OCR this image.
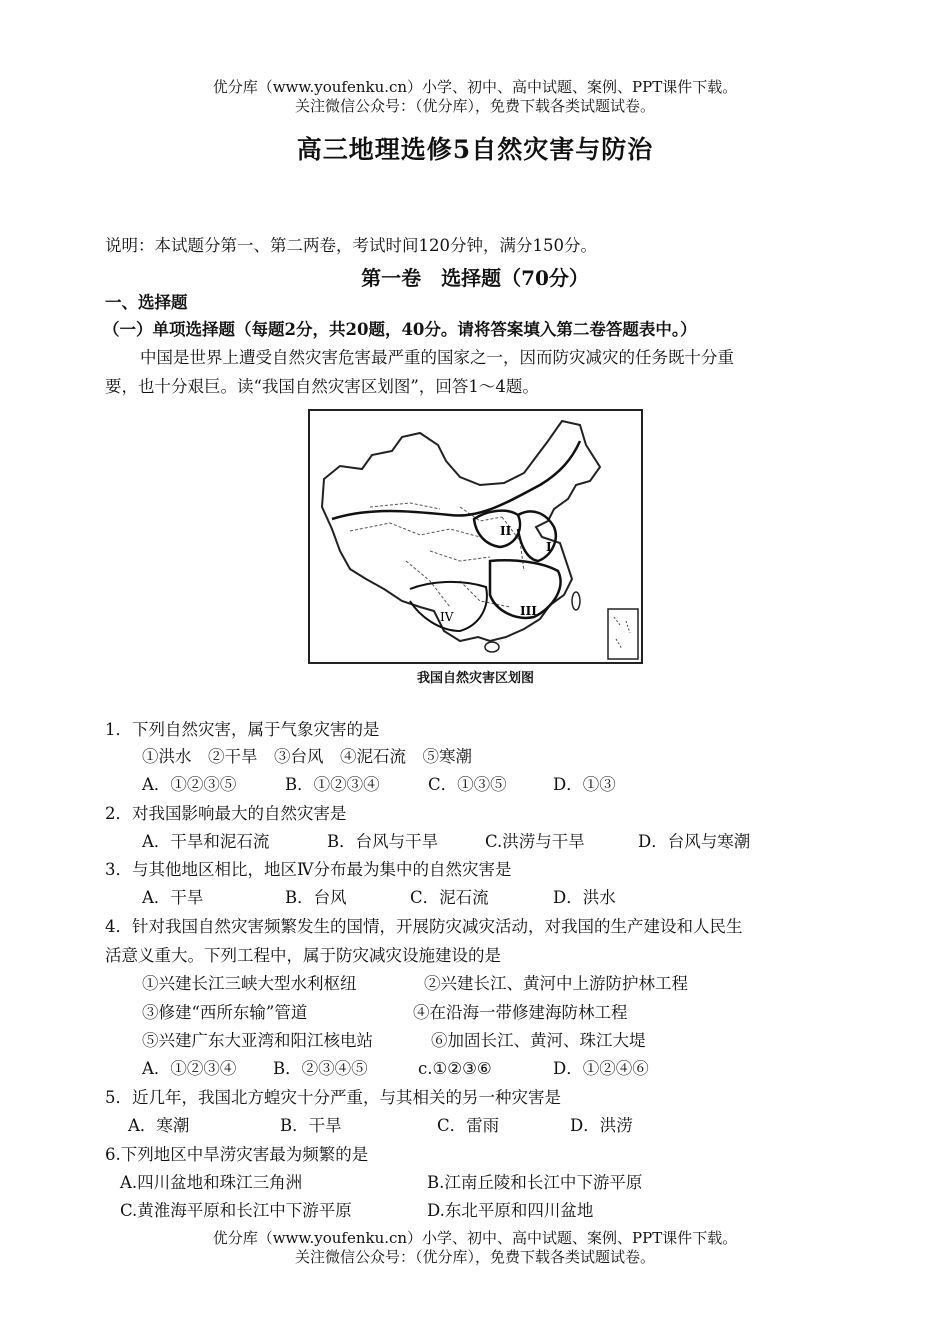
优分库（www.youfenku.cn）小学、初中、高中试题、案例、PPT课件下载。
关注微信公众号：（优分库），免费下载各类试题试卷。
高三地理选修5自然灾害与防治
说明：本试题分第一、第二两卷，考试时间120分钟，满分150分。
第一卷　选择题（70分）
一、选择题
（一）单项选择题（每题2分，共20题，40分。请将答案填入第二卷答题表中。）
中国是世界上遭受自然灾害危害最严重的国家之一，因而防灾减灾的任务既十分重
要，也十分艰巨。读“我国自然灾害区划图”，回答1～4题。
II
I
III
IV
我国自然灾害区划图
1．下列自然灾害，属于气象灾害的是
①洪水　②干旱　③台风　④泥石流　⑤寒潮
A．①②③⑤	B．①②③④	C．①③⑤	D．①③
2．对我国影响最大的自然灾害是
A．干旱和泥石流	B．台风与干旱	C.洪涝与干旱	D．台风与寒潮
3．与其他地区相比，地区Ⅳ分布最为集中的自然灾害是
A．干旱	B．台风	C．泥石流	D．洪水
4．针对我国自然灾害频繁发生的国情，开展防灾减灾活动，对我国的生产建设和人民生
活意义重大。下列工程中，属于防灾减灾设施建设的是
①兴建长江三峡大型水利枢纽	②兴建长江、黄河中上游防护林工程
③修建“西所东输”管道	④在沿海一带修建海防林工程
⑤兴建广东大亚湾和阳江核电站	⑥加固长江、黄河、珠江大堤
A．①②③④ B．②③④⑤	c.①②③⑥	D．①②④⑥
5．近几年，我国北方蝗灾十分严重，与其相关的另一种灾害是
A．寒潮	B．干旱	C．雷雨	D．洪涝
6.下列地区中旱涝灾害最为频繁的是
A.四川盆地和珠江三角洲	B.江南丘陵和长江中下游平原
C.黄淮海平原和长江中下游平原	D.东北平原和四川盆地
优分库（www.youfenku.cn）小学、初中、高中试题、案例、PPT课件下载。
关注微信公众号：（优分库），免费下载各类试题试卷。
